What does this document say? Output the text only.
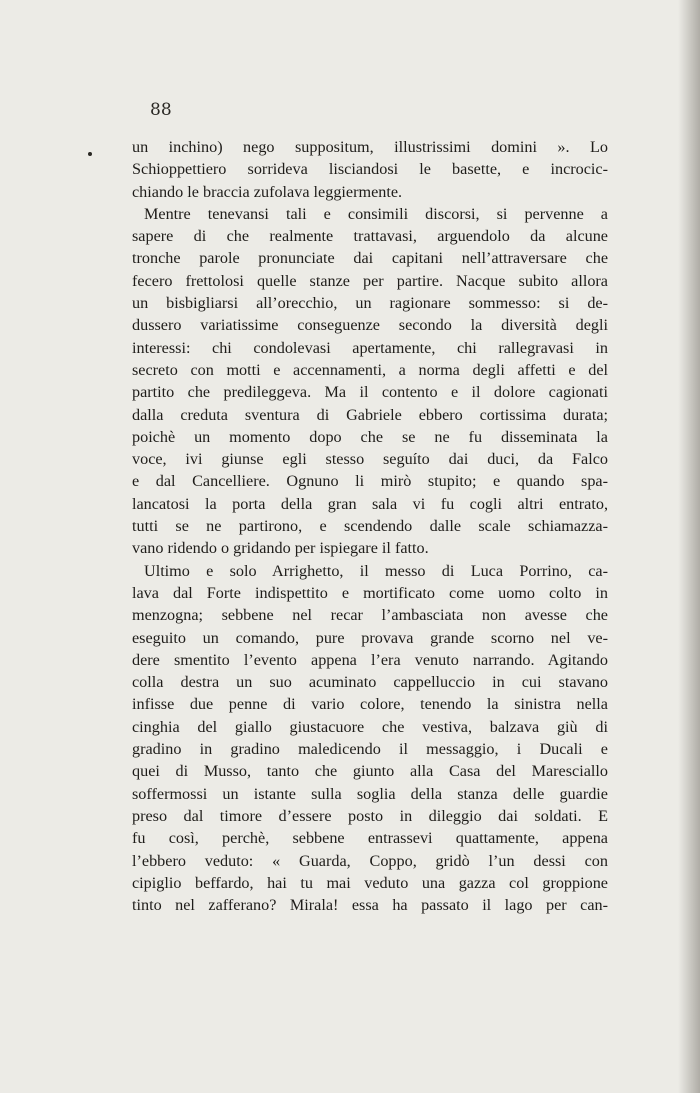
88
un inchino) nego suppositum, illustrissimi domini ». Lo
Schioppettiero sorrideva lisciandosi le basette, e incrocic-
chiando le braccia zufolava leggiermente.
Mentre tenevansi tali e consimili discorsi, si pervenne a
sapere di che realmente trattavasi, arguendolo da alcune
tronche parole pronunciate dai capitani nell’attraversare che
fecero frettolosi quelle stanze per partire. Nacque subito allora
un bisbigliarsi all’orecchio, un ragionare sommesso: si de-
dussero variatissime conseguenze secondo la diversità degli
interessi: chi condolevasi apertamente, chi rallegravasi in
secreto con motti e accennamenti, a norma degli affetti e del
partito che predileggeva. Ma il contento e il dolore cagionati
dalla creduta sventura di Gabriele ebbero cortissima durata;
poichè un momento dopo che se ne fu disseminata la
voce, ivi giunse egli stesso seguíto dai duci, da Falco
e dal Cancelliere. Ognuno li mirò stupito; e quando spa-
lancatosi la porta della gran sala vi fu cogli altri entrato,
tutti se ne partirono, e scendendo dalle scale schiamazza-
vano ridendo o gridando per ispiegare il fatto.
Ultimo e solo Arrighetto, il messo di Luca Porrino, ca-
lava dal Forte indispettito e mortificato come uomo colto in
menzogna; sebbene nel recar l’ambasciata non avesse che
eseguito un comando, pure provava grande scorno nel ve-
dere smentito l’evento appena l’era venuto narrando. Agitando
colla destra un suo acuminato cappelluccio in cui stavano
infisse due penne di vario colore, tenendo la sinistra nella
cinghia del giallo giustacuore che vestiva, balzava giù di
gradino in gradino maledicendo il messaggio, i Ducali e
quei di Musso, tanto che giunto alla Casa del Maresciallo
soffermossi un istante sulla soglia della stanza delle guardie
preso dal timore d’essere posto in dileggio dai soldati. E
fu così, perchè, sebbene entrassevi quattamente, appena
l’ebbero veduto: « Guarda, Coppo, gridò l’un dessi con
cipiglio beffardo, hai tu mai veduto una gazza col groppione
tinto nel zafferano? Mirala! essa ha passato il lago per can-
